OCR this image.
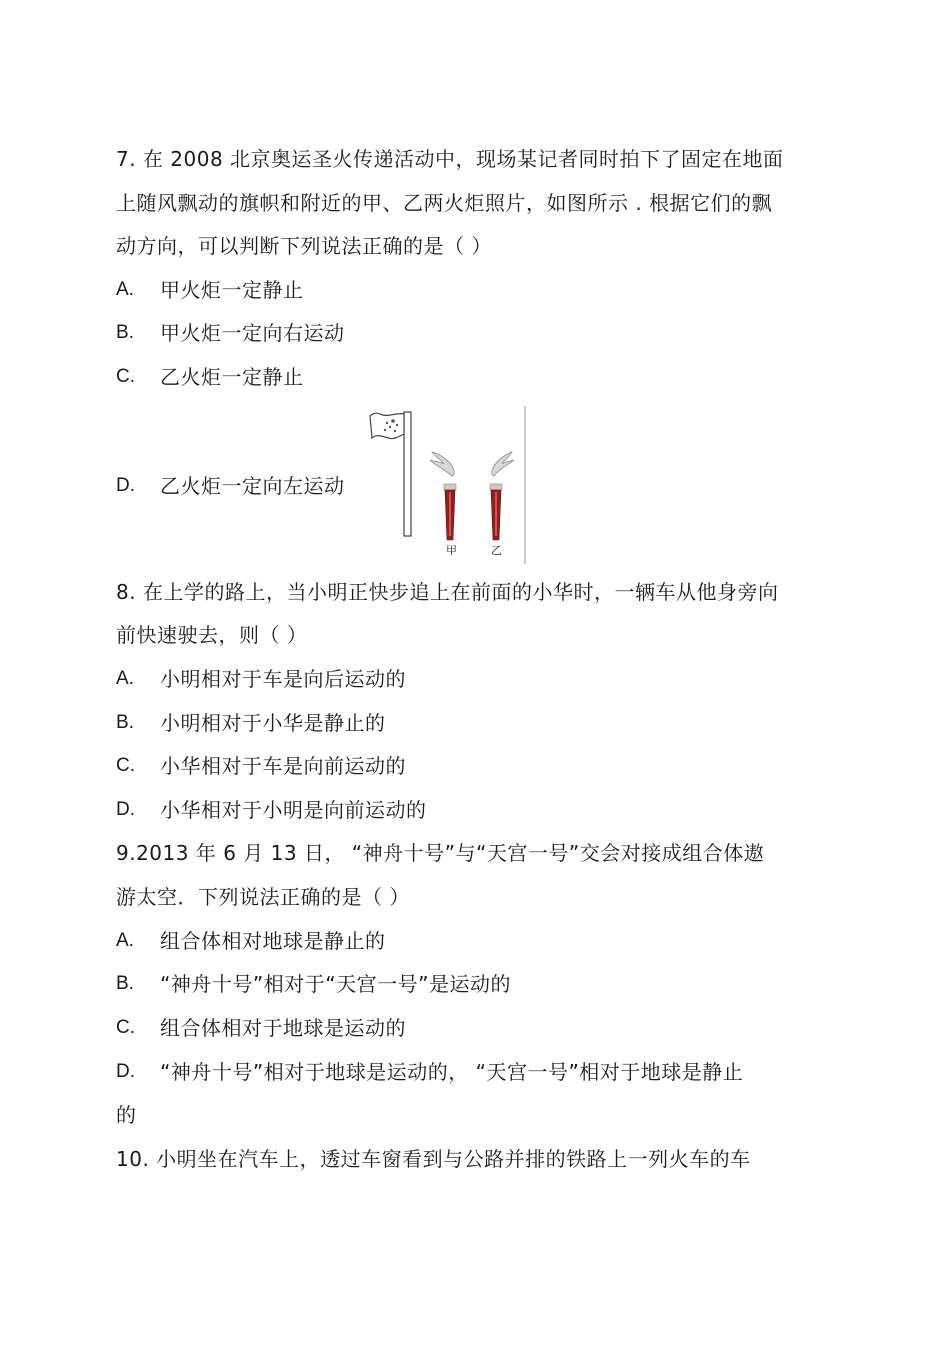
7. 在 2008 北京奥运圣火传递活动中，现场某记者同时拍下了固定在地面
上随风飘动的旗帜和附近的甲、乙两火炬照片，如图所示 . 根据它们的飘
动方向，可以判断下列说法正确的是（ ）
A. 甲火炬一定静止
B. 甲火炬一定向右运动
C. 乙火炬一定静止
D. 乙火炬一定向左运动
甲	乙
8. 在上学的路上，当小明正快步追上在前面的小华时，一辆车从他身旁向
前快速驶去，则（ ）
A. 小明相对于车是向后运动的
B. 小明相对于小华是静止的
C. 小华相对于车是向前运动的
D. 小华相对于小明是向前运动的
9.2013 年 6 月 13 日， “神舟十号”与“天宫一号”交会对接成组合体遨
游太空．下列说法正确的是（ ）
A. 组合体相对地球是静止的
B. “神舟十号”相对于“天宫一号”是运动的
C. 组合体相对于地球是运动的
D. “神舟十号”相对于地球是运动的， “天宫一号”相对于地球是静止
的
10. 小明坐在汽车上，透过车窗看到与公路并排的铁路上一列火车的车
